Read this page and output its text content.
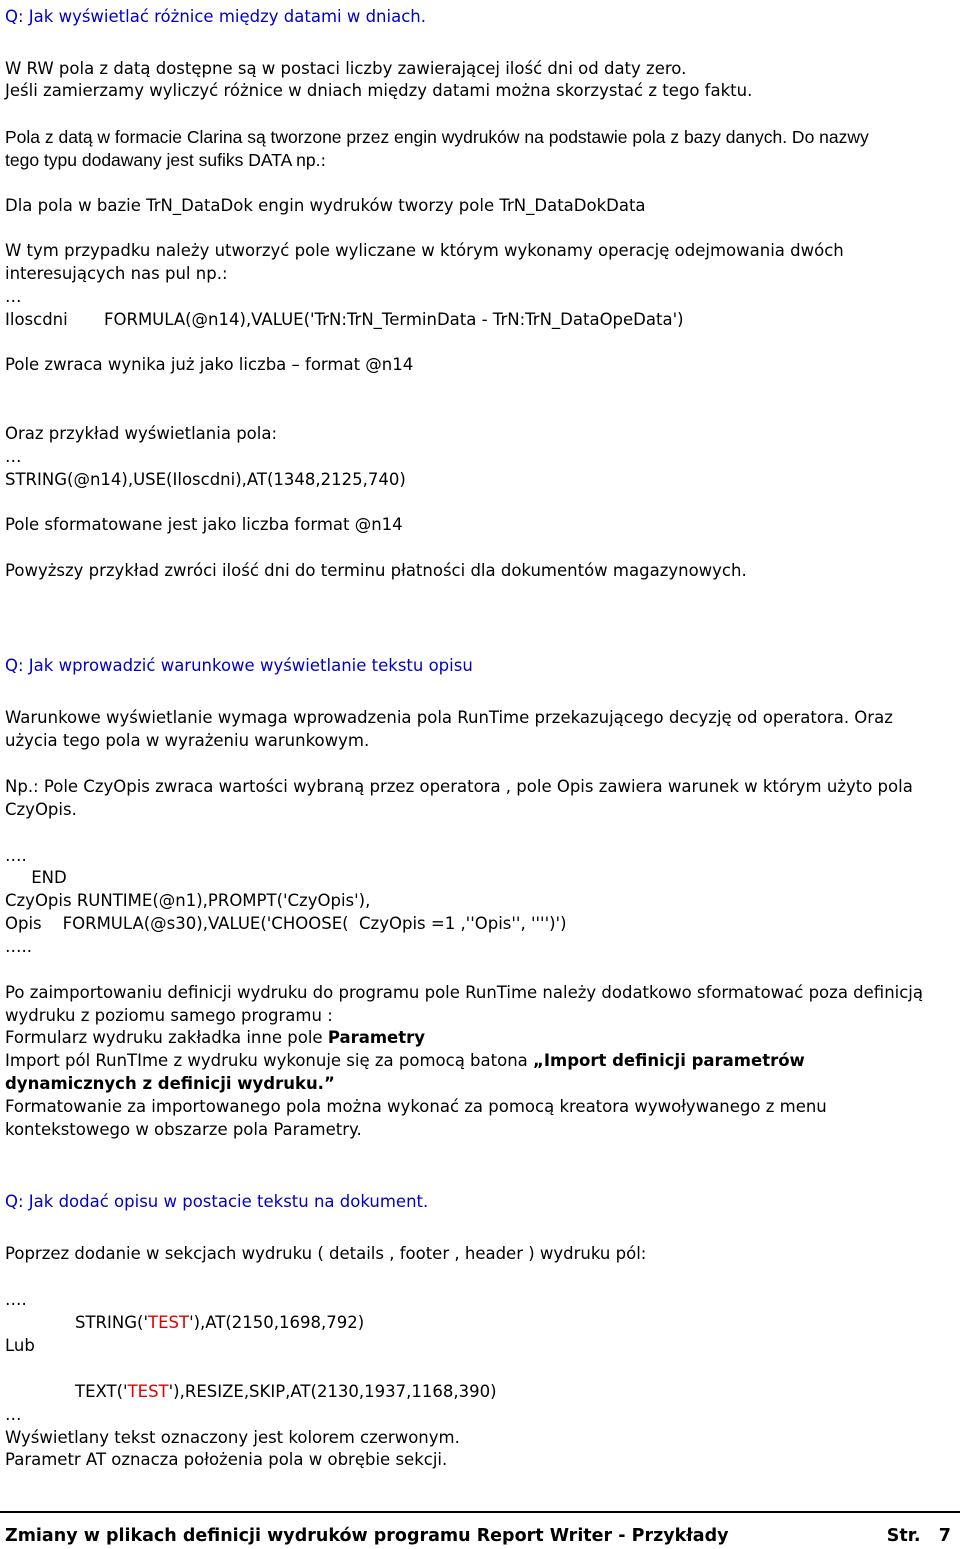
Q: Jak wyświetlać różnice między datami w dniach.
W RW pola z datą dostępne są w postaci liczby zawierającej ilość dni od daty zero.
Jeśli zamierzamy wyliczyć różnice w dniach między datami można skorzystać z tego faktu.
Pola z datą w formacie Clarina są tworzone przez engin wydruków na podstawie pola z bazy danych. Do nazwy
tego typu dodawany jest sufiks DATA np.:
Dla pola w bazie TrN_DataDok engin wydruków tworzy pole TrN_DataDokData
W tym przypadku należy utworzyć pole wyliczane w którym wykonamy operację odejmowania dwóch
interesujących nas pul np.:
…
Iloscdni FORMULA(@n14),VALUE('TrN:TrN_TerminData - TrN:TrN_DataOpeData')
Pole zwraca wynika już jako liczba – format @n14
Oraz przykład wyświetlania pola:
…
STRING(@n14),USE(Iloscdni),AT(1348,2125,740)
Pole sformatowane jest jako liczba format @n14
Powyższy przykład zwróci ilość dni do terminu płatności dla dokumentów magazynowych.
Q: Jak wprowadzić warunkowe wyświetlanie tekstu opisu
Warunkowe wyświetlanie wymaga wprowadzenia pola RunTime przekazującego decyzję od operatora. Oraz
użycia tego pola w wyrażeniu warunkowym.
Np.: Pole CzyOpis zwraca wartości wybraną przez operatora , pole Opis zawiera warunek w którym użyto pola
CzyOpis.
….
END
CzyOpis RUNTIME(@n1),PROMPT('CzyOpis'),
Opis    FORMULA(@s30),VALUE('CHOOSE(  CzyOpis =1 ,''Opis'', '''')')
…..
Po zaimportowaniu definicji wydruku do programu pole RunTime należy dodatkowo sformatować poza definicją
wydruku z poziomu samego programu :
Formularz wydruku zakładka inne pole Parametry
Import pól RunTIme z wydruku wykonuje się za pomocą batona „Import definicji parametrów
dynamicznych z definicji wydruku.”
Formatowanie za importowanego pola można wykonać za pomocą kreatora wywoływanego z menu
kontekstowego w obszarze pola Parametry.
Q: Jak dodać opisu w postacie tekstu na dokument.
Poprzez dodanie w sekcjach wydruku ( details , footer , header ) wydruku pól:
….
STRING('TEST'),AT(2150,1698,792)
Lub
TEXT('TEST'),RESIZE,SKIP,AT(2130,1937,1168,390)
…
Wyświetlany tekst oznaczony jest kolorem czerwonym.
Parametr AT oznacza położenia pola w obrębie sekcji.
Zmiany w plikach definicji wydruków programu Report Writer - Przykłady	Str.   7
